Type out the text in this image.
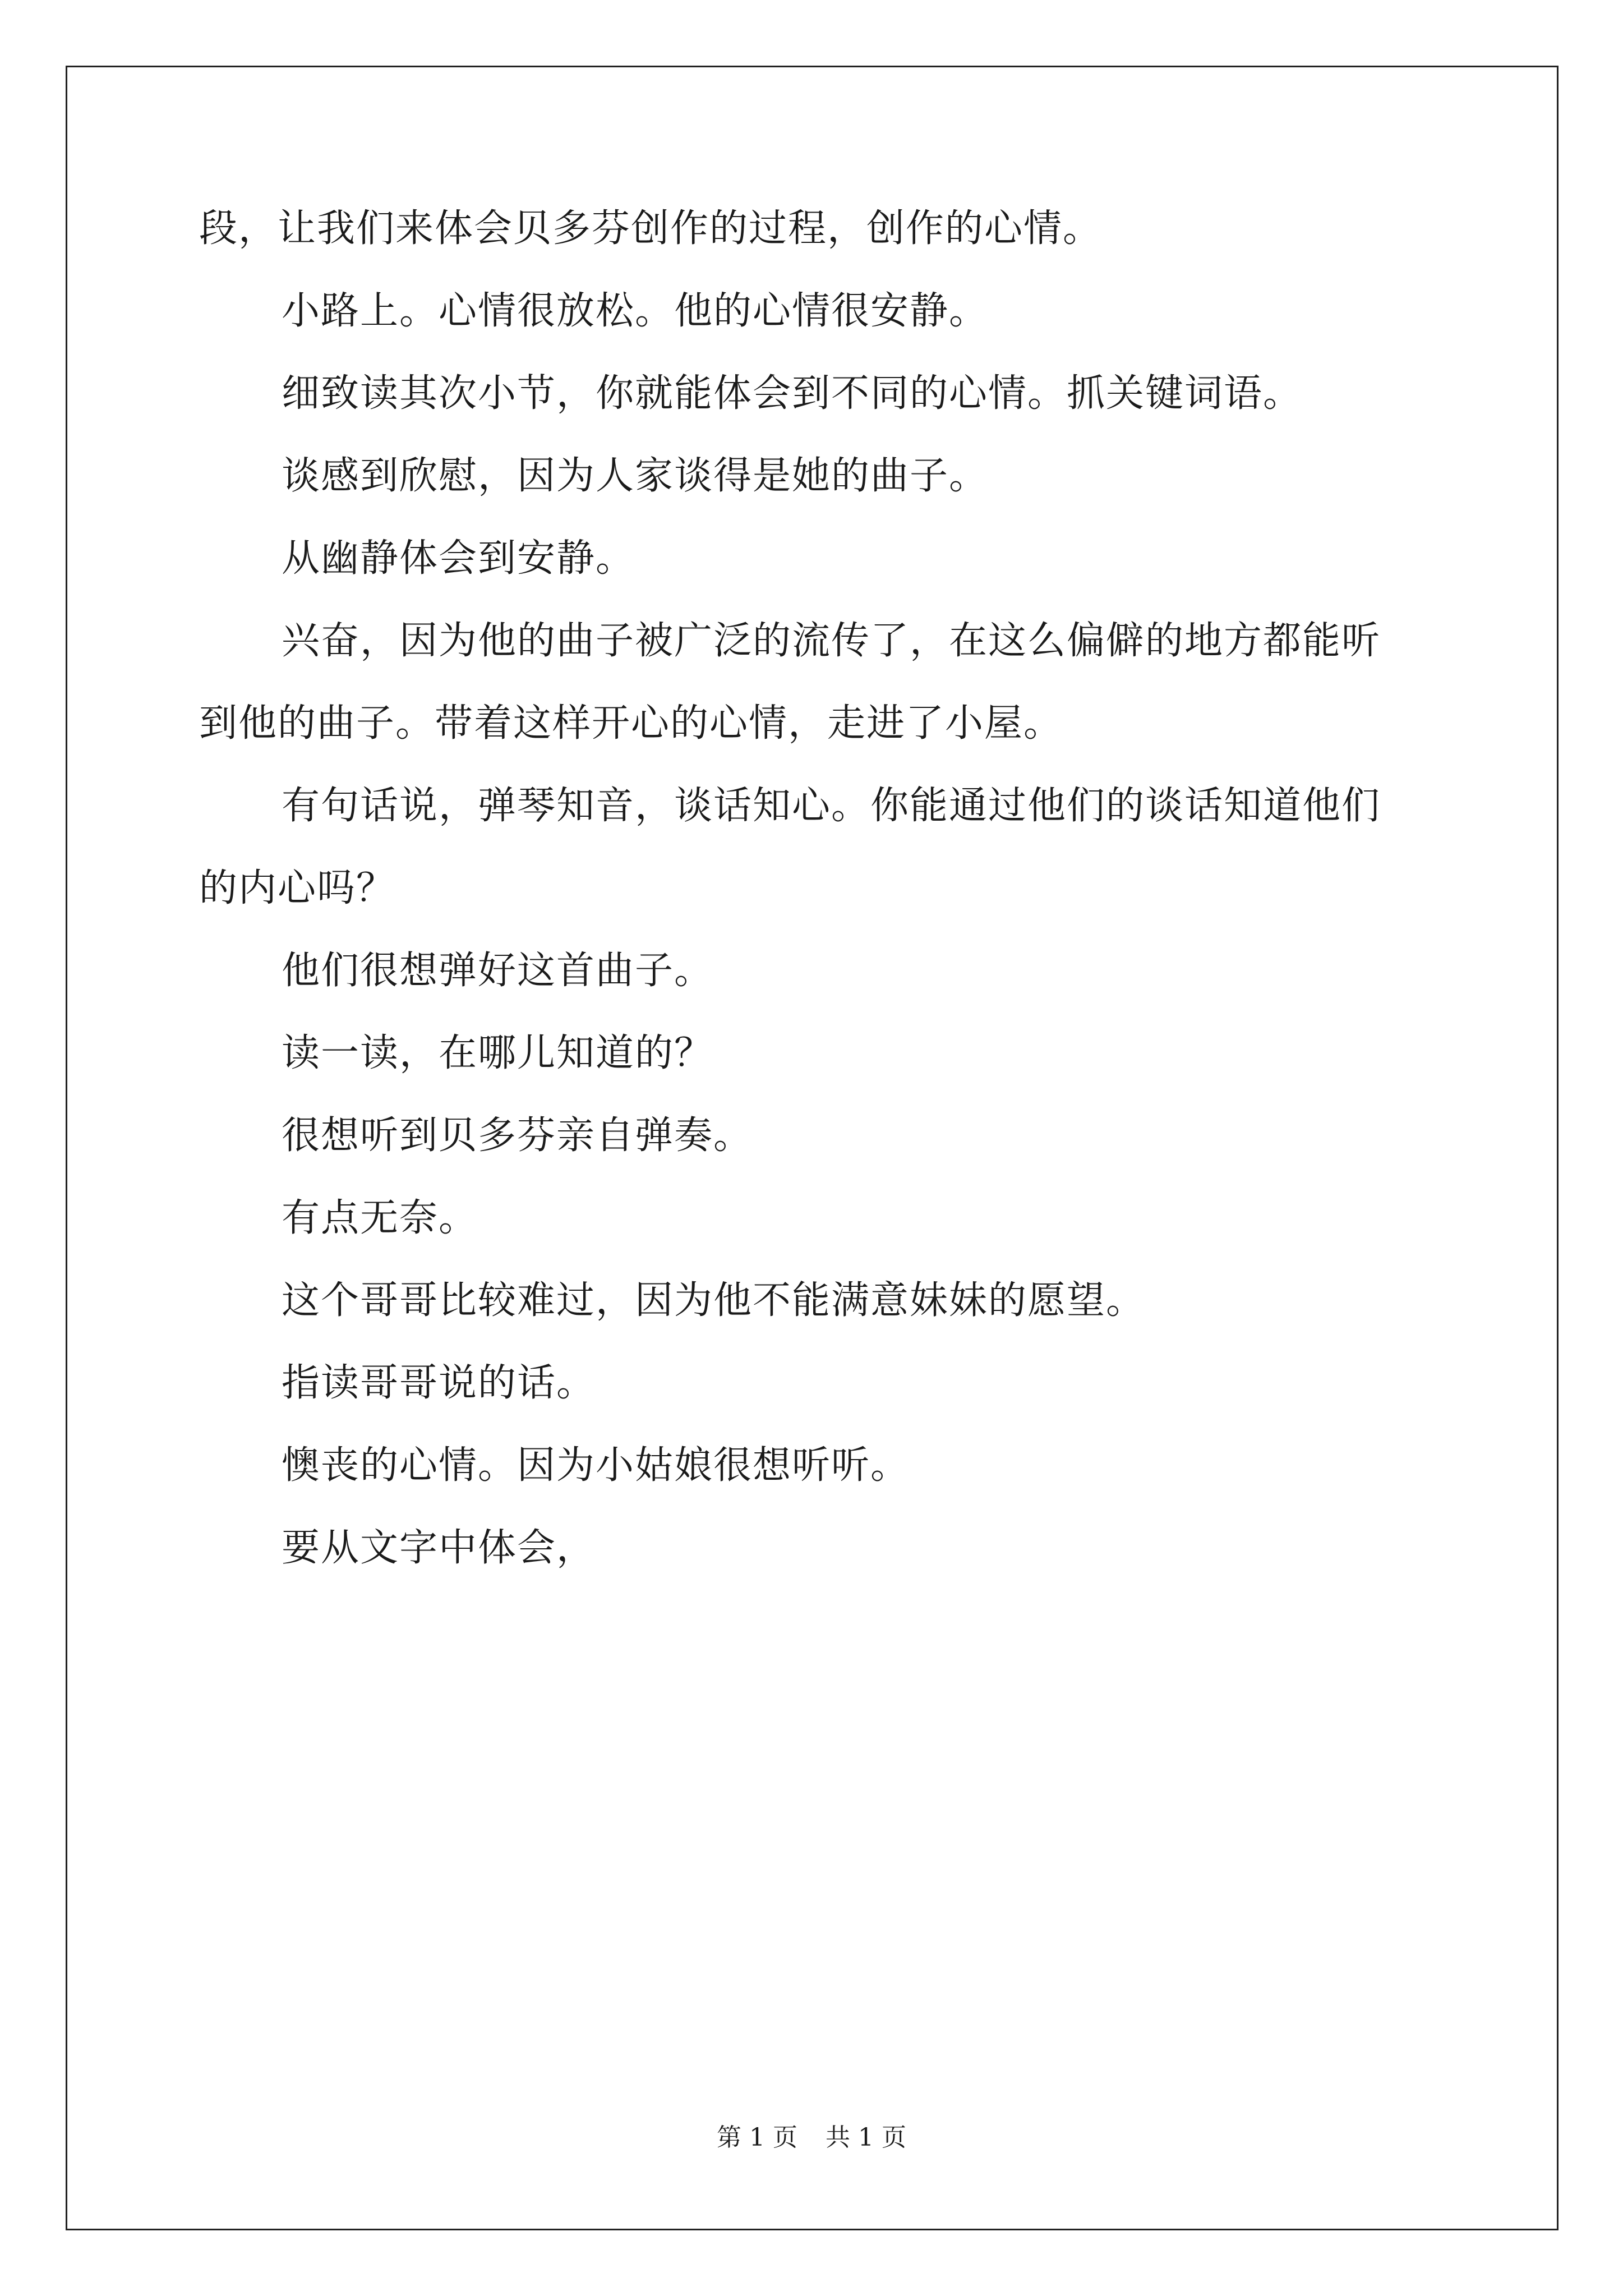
段，让我们来体会贝多芬创作的过程，创作的心情。

小路上。心情很放松。他的心情很安静。

细致读其次小节，你就能体会到不同的心情。抓关键词语。

谈感到欣慰，因为人家谈得是她的曲子。

从幽静体会到安静。

兴奋，因为他的曲子被广泛的流传了，在这么偏僻的地方都能听
到他的曲子。带着这样开心的心情，走进了小屋。

有句话说，弹琴知音，谈话知心。你能通过他们的谈话知道他们
的内心吗？

他们很想弹好这首曲子。

读一读，在哪儿知道的？

很想听到贝多芬亲自弹奏。

有点无奈。

这个哥哥比较难过，因为他不能满意妹妹的愿望。

指读哥哥说的话。

懊丧的心情。因为小姑娘很想听听。

要从文字中体会，

第 1 页 共 1 页
